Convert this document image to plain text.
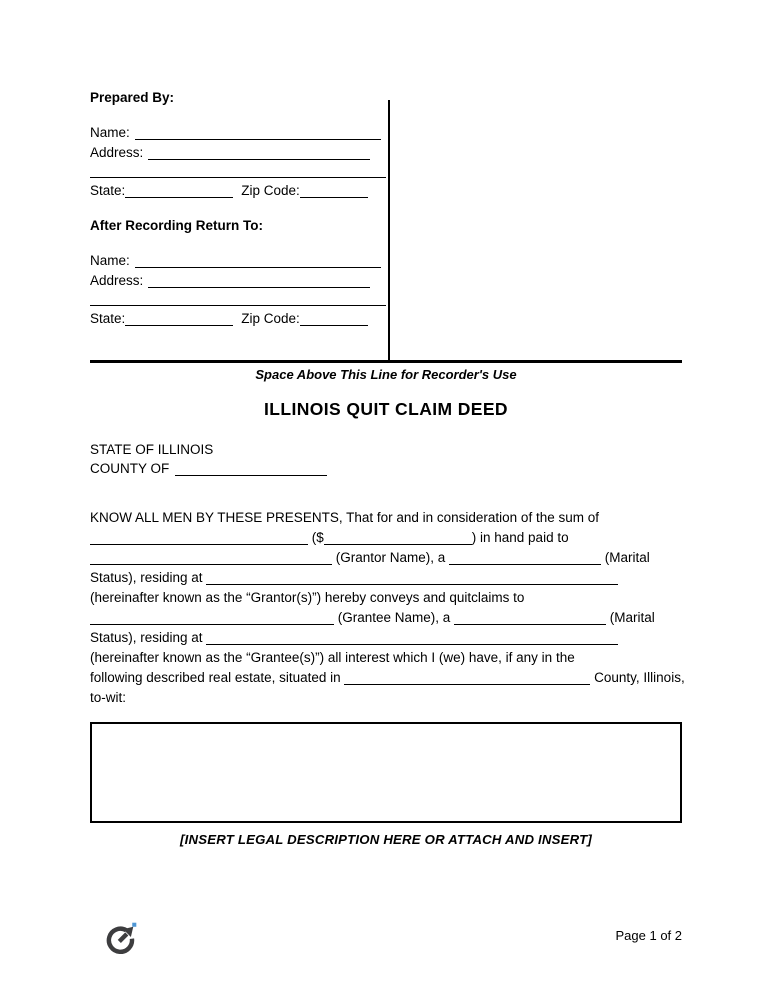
Prepared By:
Name:
Address:
State:	Zip Code:
After Recording Return To:
Name:
Address:
State:	Zip Code:
Space Above This Line for Recorder's Use
ILLINOIS QUIT CLAIM DEED
STATE OF ILLINOIS
COUNTY OF
KNOW ALL MEN BY THESE PRESENTS, That for and in consideration of the sum of
($	) in hand paid to
(Grantor Name), a	(Marital
Status), residing at
(hereinafter known as the “Grantor(s)”) hereby conveys and quitclaims to
(Grantee Name), a	(Marital
Status), residing at
(hereinafter known as the “Grantee(s)”) all interest which I (we) have, if any in the
following described real estate, situated in	County, Illinois,
to-wit:
[INSERT LEGAL DESCRIPTION HERE OR ATTACH AND INSERT]
Page 1 of 2
